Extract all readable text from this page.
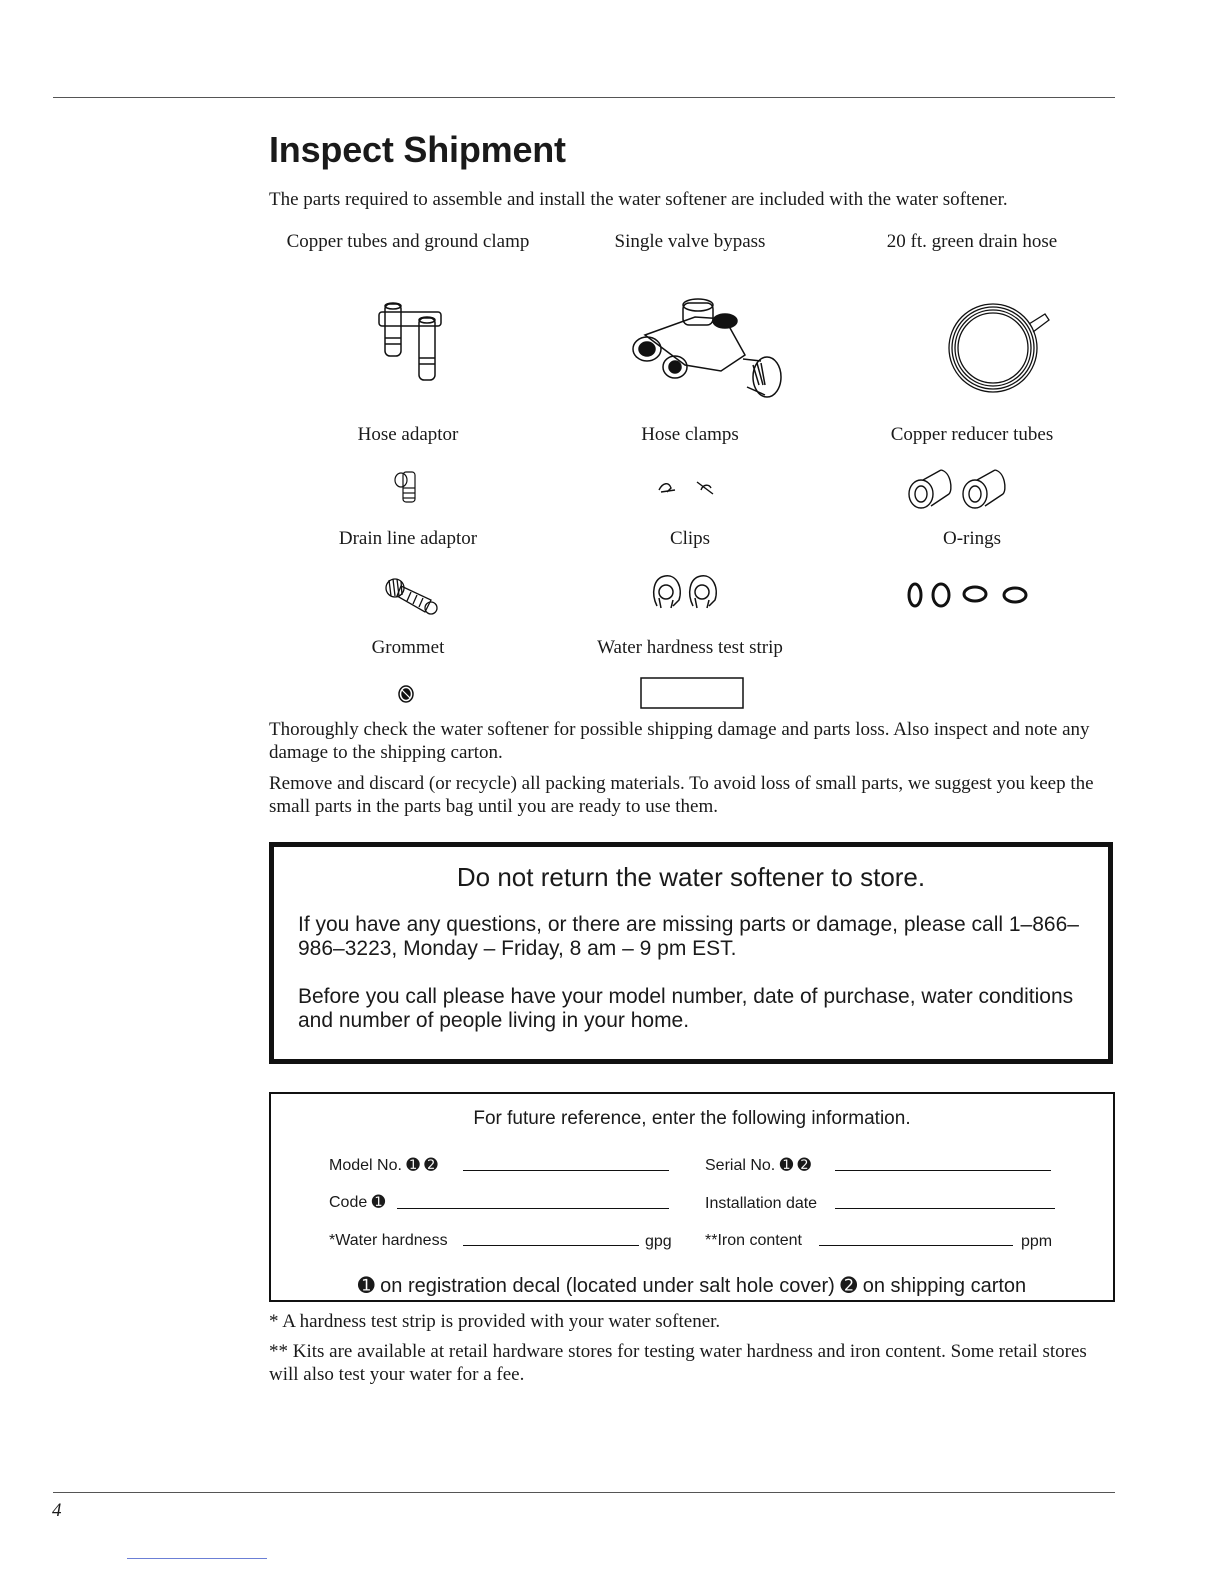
Inspect Shipment
The parts required to assemble and install the water softener are included with the water softener.
Copper tubes and ground clamp	Single valve bypass	20 ft. green drain hose
Hose adaptor	Hose clamps	Copper reducer tubes
Drain line adaptor	Clips	O-rings
Grommet	Water hardness test strip
Thoroughly check the water softener for possible shipping damage and parts loss. Also inspect and note any damage to the shipping carton.
Remove and discard (or recycle) all packing materials. To avoid loss of small parts, we suggest you keep the small parts in the parts bag until you are ready to use them.
Do not return the water softener to store.
If you have any questions, or there are missing parts or damage, please call 1–866–986–3223, Monday – Friday, 8 am – 9 pm EST.
Before you call please have your model number, date of purchase, water conditions and number of people living in your home.
For future reference, enter the following information.
Model No. ➊ ➋	Serial No. ➊ ➋
Code ➊	Installation date
*Water hardness	gpg **Iron content	ppm
➊ on registration decal (located under salt hole cover) ➋ on shipping carton
* A hardness test strip is provided with your water softener.
** Kits are available at retail hardware stores for testing water hardness and iron content. Some retail stores will also test your water for a fee.
4
